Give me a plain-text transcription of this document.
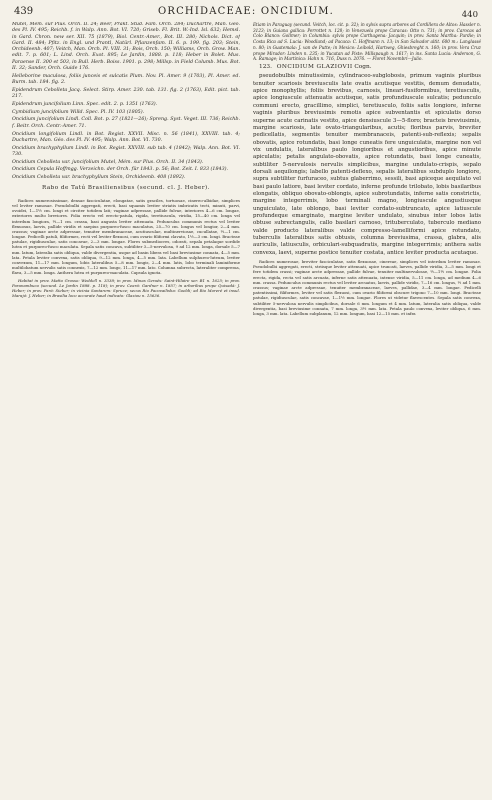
439	ORCHIDACEAE: ONCIDIUM.	440

Mutel, Mém. sur Plus. Orch. II. 24; Beer, Prakt. Stud. Fam. Orch. 284; Duchartre, Man. Géo. des Pl. IV. 495; Reichb. f. in Walp. Ann. Bot. VI. 720; Griseb. Fl. Brit. W.-Ind. Isl. 632; Hemsl. in Gard. Chron. new ser. XII. 75 (1879), Biol. Centr.-Amer., Bot. III. 280; Nichols. Dict. of Gard. II. 484; Pfitz. in Engl. und Prantl, Natürl. Pflanzenfam. II. 6. p. 199. fig. 203; Stein, Orchideenb. 407; Veitch, Man. Orch. Pl. VIII. 31; Bois, Orch. 150; Williams, Orch. Grow. Man. edit. 7. p. 601; L. Lind. Orch. Exot. 895; Le Jardin, 1888. p. 118; Heber in Bolet. Mus. Paraense II. 300 et 503, in Bull. Herb. Boiss. 1901. p. 298; Millsp. in Field Columb. Mus. Bot. II. 32; Sander, Orch. Guide 176.

Helleborine maculosa, foliis junceis et sulcatis Plum. Nov. Pl. Amer. 9 (1703), Pl. Amer. ed. Burm. tab. 184. fig. 2.

Epidendrum Cebolleta Jacq. Select. Stirp. Amer. 230. tab. 131. fig. 2 (1763), Edit. pict. tab. 217.

Epidendrum juncifolium Linn. Spec. edit. 2. p. 1351 (1763).

Cymbidium juncifolium Willd. Spec. Pl. IV. 103 (1805).

Oncidium juncifolium Lindl. Coll. Bot. p. 27 (1821—26); Spreng. Syst. Veget. III. 736; Reichb. f. Beitr. Orch. Centr.-Amer. 71.

Oncidium longifolium Lindl. in Bot. Regist. XXVII. Misc. n. 56 (1841), XXVIII. tab. 4; Duchartre, Man. Géo. des Pl. IV. 495; Walp. Ann. Bot. VI. 730.

Oncidium brachyphyllum Lindl. in Bot. Regist. XXVIII. sub tab. 4 (1842); Walp. Ann. Bot. VI. 730.

Oncidium Cebolleta var. juncifolium Mutel, Mém. sur Plus. Orch. II. 34 (1843).

Oncidium Cepula Hoffmgg. Verzeichn. der Orch. für 1843. p. 56; Bot. Zeit. I. 833 (1843).

Oncidium Cebolleta var. brachyphyllum Stein, Orchideenb. 408 (1892).

Rabo de Tatú Brasiliensibus (secund. cl. J. Heber).

Radices numerosissimae, densae fasciculatae, elongatae, satis graciles, tortuosae, cinereo-albidae, simplices vel leviter ramosae. Pseudobulbi aggregati, erecti, basi squamis leviter striatis imbricatis tecti, minuti, parvi, ovoidei, 1—1½ cm. longi et circiter totidem lati; vaginae adpressae, pallide fulvae, interiores 4—6 cm. longae, exteriores multo breviores. Folia erecto vel erecto-patula, rigida, teretiuscula, viridia, 15—40 cm. longa vel interdum longiora, ½—1 cm. crassa, basi angusta leviter attenuata. Pedunculus communis rectus vel leviter flexuosus, laevis, pallide viridis et saepius purpureo-fusco maculatus, 25—70 cm. longus vel longior, 2—4 mm. crassus; vaginae arcte adpressae, tenuiter membranaceae, acutiusculae, multinerviosae, cucullatae, ½—1 cm. longae. Pedicelli patuli, filiformes, recti vel leviter flexuosi, cum ovario filiformi clavato, 1½—3 cm. longi. Bracteae patulae, rigidiusculae, satis concavae, 2—3 mm. longae. Flores submediocres, odorati, sepala petalaque sordide lutea et purpureo-fusco maculata. Sepala satis concava, subtiliter 3—5-nervulosa, 9 ad 12 mm. longa, dorsale 5—7 mm. latum, lateralia satis obliqua, valde divergentia, usque ad basin libera vel basi breviusime connata, 4—5 mm. lata. Petala leviter convexa, satis obliqua, 9—12 mm. longa, 4—5 mm. lata. Labellum sulphureo-luteum, leviter convexum, 11—17 mm. longum, lobis lateralibus 5—8 mm. longis, 2—4 mm. latis, lobo terminali laminiforme multilobatum nervulis satis connexis, 7—12 mm. longo, 11—17 mm. lato. Columna subrecta, lateraliter compressa, flava, 3—5 mm. longa. Anthera lutea et purpureo-maculata. Capsula ignota.

Habitat in prov. Matto Grosso: Weddell n. 3338; in prov. Minas Geraës: Saint-Hilaire ser. B1 n. 1625; in prov. Paranambuco (secund. Le Jardin 1888. p. 118); in prov. Ceará: Gardner n. 1857; in arboribus prope Quixadá: J. Heber; in prov. Pará: Sieber; in vicinia Santarem: Spruce; secus Rio Pacovailisha: Goeldi; ad Rio Moreré et insul. Marajó: J. Heber; in Brasilia loco accurate haud indicato: Glaziou n. 15636.

Etiam in Paraguay (secund. Veitch, loc. cit. p. 32); in sylvis supra arbores ad Cordillera de Altos: Hassler n. 3123; in Guiana gallica: Perrottet n. 128; in Venezuela prope Caracas: Otto n. 731; in prov. Carocas ad Colo Blanco: Gollmer; in Columbia: sylvis prope Carthagena: Jacquin; in prov. Santa Martha: Purdie; in Costa Rica ad S. Lucia: Woodland; ad Pacaca: C. Hoffmann n. 13; in San Salvador altit. 600 m.: Langlassé n. 80; in Guatemala: J. van de Putte; in Mexico: Leibold, Hartweg, Ghiesbreght n. 160; in prov. Vera Cruz prope Mirador: Linden n. 235; in Yucatan ad Piste: Millspaugh n. 1617; in ins. Santa Lucia: Anderson, G. A. Ramage; in Martinica: Hahn n. 716, Duss n. 2076. — Floret Novembri—Julio.

123. ONCIDIUM GLAZIOVII Cogn.

pseudobulbis minutissimis, cylindraceo-subglobosis, primum vaginis pluribus tenuiter scariosis breviusculis late ovatis acutisque vestitis, demum denudatis, apice monophyllis; foliis brevibus, carnosis, lineari-fusiformibus, teretiusculis, apice longiuscule attenuatis acutisque, satis profundiuscule sulcatis; pedunculo communi erecto, gracillimo, simplici, teretiusculo, foliis satis longiore, inferne vaginis pluribus breviusimis remotis apice subventantis et spiculatis dorso superne acute carinatis vestito, apice densiuscule 3—5-floro; bracteis breviusimis, margine scariosis, late ovato-triangularibus, acutis; floribus parvis, breviter pedicellatis, segmentis tenuiter membranaceis, patenti-sub-reflexis; sepalis obovatis, apice rotundatis, basi longe cuneatis fere unguiculatis, margine non vel vix undulatis, lateralibus paulo longioribus et angustioribus, apice minute apiculatis; petalis angulato-obovatis, apice rotundatis, basi longe cuneatis, subtiliter 5-nervulosis nervulis simplicibus, margine undulato-crispis, sepalo dorsali aequilongis; labello patenti-deflexo, sepalis lateralibus subduplo longiore, supra subtiliter furfuraceo, subtus glaberrimo, sessili, basi apiceque aequilato vel basi paulo latiore, basi leviter cordato, inferne profunde trilobato, lobis basilaribus elongatis, obliquo obovato-oblongis, apice subrotundatis, inferne satis constrictis, margine integerrimis, lobo terminali magno, longiuscule angustiusque unguiculato, late oblongo, basi leviter cordato-subtruncato, apice latiuscule profundeque emarginato, margine leviter undulato, sinubus inter lobos latis obtuse subrectangulis, callo basilari carnoso, trituberculato, tuberculo mediano valde producto lateralibus valde compresso-lamelliformi apice rotundato, tuberculis lateralibus satis obtusis, columna breviusima, crassa, glabra, alis auriculis, latiusculis, orbiculari-subquadratis, margine integerrimis; anthera satis convexa, laevi, superne postice tenuiter costata, antice leviter producta acutaque.

Radices numerosae, breviter fasciculatae, satis flexuosae, cinereae, simplices vel interdum leviter ramosae. Pseudobulbi aggregati, erecti, striisque leviter attenuati, apice truncati, laeves, pallide viridia, 3—5 mm. longi et fere totidem crassi; vaginae arcte adpressae, pallide fulvae, tenuiter multinervulosae, ½—1½ cm. longae. Folia erecta, rigida, recta vel satis arcuata, inferne satis attenuata, intense viridia, 5—11 cm. longa, ad medium 4—6 mm. crassa. Pedunculus communis rectus vel leviter arcuatus, laevis, pallide viridis, 7—16 cm. longus, ½ ad 1 mm. crassus; vaginae arcte adpressae, tenuiter membranaceae, laeves, pallidae, 3—4 mm. longae. Pedicelli patentissimi, filiformes, leviter vel satis flexuosi, cum ovario filiformi obscure trigono 7—10 mm. longi. Bracteae patulae, rigidiusculae, satis concavae, 1—1½ mm. longae. Flores ut videtur flavescentes. Sepala satis convexa, subtiliter 5-nervulosa nervulis simplicibus, dorsale 6 mm. longum et 4 mm. latum, lateralia satis obliqua, valde divergentia, basi breviusime connata, 7 mm. longa, 3½ mm. lata. Petala paulo convexa, leviter obliqua, 6 mm. longa, 3 mm. lata. Labellum subplanum, 12 mm. longum, basi 12—15 mm. et infra
